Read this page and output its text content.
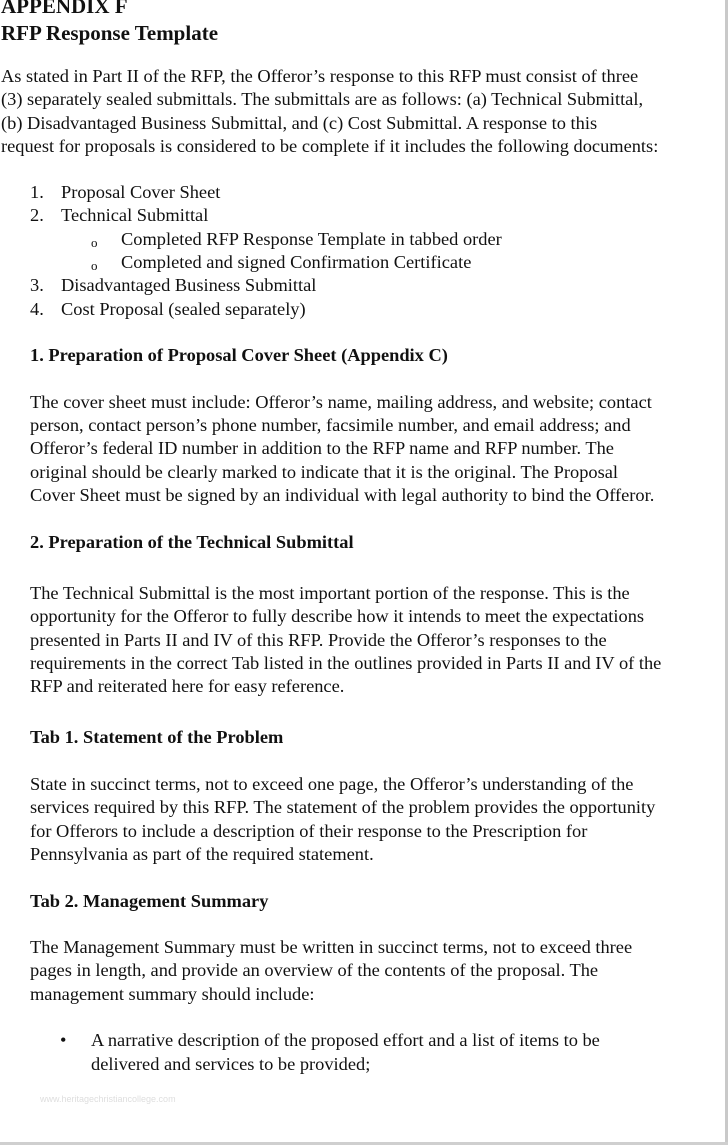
APPENDIX F
RFP Response Template
As stated in Part II of the RFP, the Offeror’s response to this RFP must consist of three
(3) separately sealed submittals. The submittals are as follows: (a) Technical Submittal,
(b) Disadvantaged Business Submittal, and (c) Cost Submittal. A response to this
request for proposals is considered to be complete if it includes the following documents:
1. Proposal Cover Sheet
2. Technical Submittal
o Completed RFP Response Template in tabbed order
o Completed and signed Confirmation Certificate
3. Disadvantaged Business Submittal
4. Cost Proposal (sealed separately)
1. Preparation of Proposal Cover Sheet (Appendix C)
The cover sheet must include: Offeror’s name, mailing address, and website; contact
person, contact person’s phone number, facsimile number, and email address; and
Offeror’s federal ID number in addition to the RFP name and RFP number. The
original should be clearly marked to indicate that it is the original. The Proposal
Cover Sheet must be signed by an individual with legal authority to bind the Offeror.
2. Preparation of the Technical Submittal
The Technical Submittal is the most important portion of the response. This is the
opportunity for the Offeror to fully describe how it intends to meet the expectations
presented in Parts II and IV of this RFP. Provide the Offeror’s responses to the
requirements in the correct Tab listed in the outlines provided in Parts II and IV of the
RFP and reiterated here for easy reference.
Tab 1. Statement of the Problem
State in succinct terms, not to exceed one page, the Offeror’s understanding of the
services required by this RFP. The statement of the problem provides the opportunity
for Offerors to include a description of their response to the Prescription for
Pennsylvania as part of the required statement.
Tab 2. Management Summary
The Management Summary must be written in succinct terms, not to exceed three
pages in length, and provide an overview of the contents of the proposal. The
management summary should include:
• A narrative description of the proposed effort and a list of items to be
delivered and services to be provided;
www.heritagechristiancollege.com
